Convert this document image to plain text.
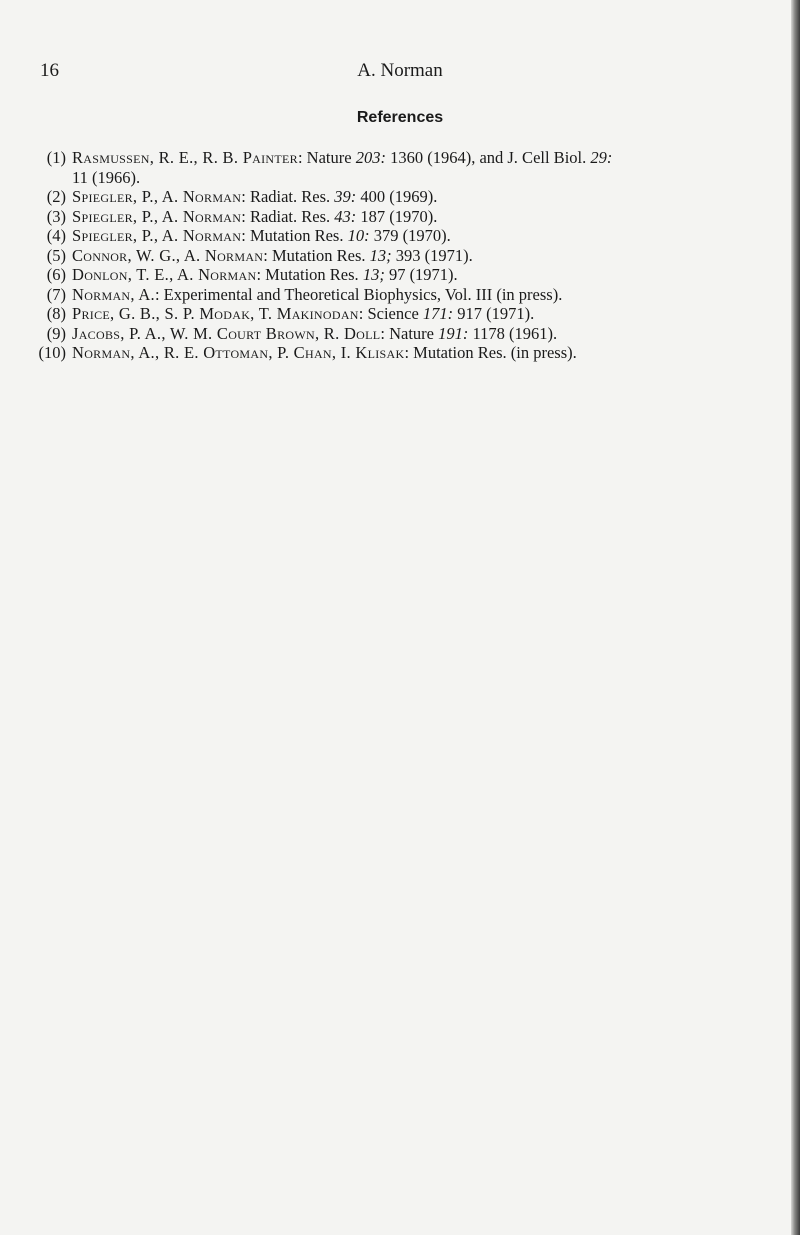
16	A. Norman
References
(1) Rasmussen, R. E., R. B. Painter: Nature 203: 1360 (1964), and J. Cell Biol. 29:
11 (1966).
(2) Spiegler, P., A. Norman: Radiat. Res. 39: 400 (1969).
(3) Spiegler, P., A. Norman: Radiat. Res. 43: 187 (1970).
(4) Spiegler, P., A. Norman: Mutation Res. 10: 379 (1970).
(5) Connor, W. G., A. Norman: Mutation Res. 13; 393 (1971).
(6) Donlon, T. E., A. Norman: Mutation Res. 13; 97 (1971).
(7) Norman, A.: Experimental and Theoretical Biophysics, Vol. III (in press).
(8) Price, G. B., S. P. Modak, T. Makinodan: Science 171: 917 (1971).
(9) Jacobs, P. A., W. M. Court Brown, R. Doll: Nature 191: 1178 (1961).
(10) Norman, A., R. E. Ottoman, P. Chan, I. Klisak: Mutation Res. (in press).
